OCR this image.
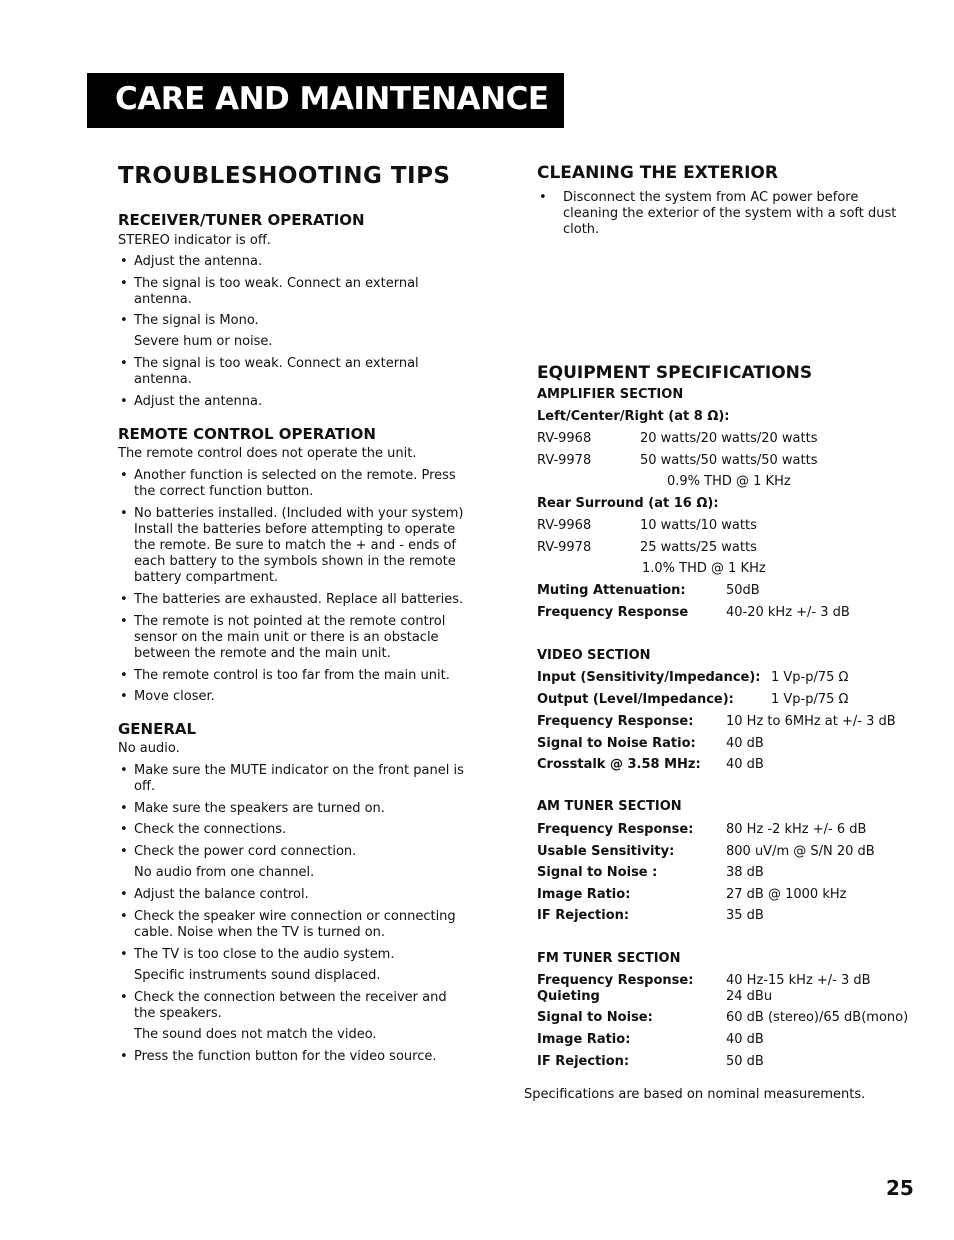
CARE AND MAINTENANCE
TROUBLESHOOTING TIPS
RECEIVER/TUNER OPERATION

STEREO indicator is off.

• Adjust the antenna.
• The signal is too weak. Connect an external antenna.
• The signal is Mono.

Severe hum or noise.

• The signal is too weak. Connect an external antenna.
• Adjust the antenna.
REMOTE CONTROL OPERATION

The remote control does not operate the unit.

• Another function is selected on the remote. Press the correct function button.
• No batteries installed. (Included with your system) Install the batteries before attempting to operate the remote. Be sure to match the + and - ends of each battery to the symbols shown in the remote battery compartment.
• The batteries are exhausted. Replace all batteries.
• The remote is not pointed at the remote control sensor on the main unit or there is an obstacle between the remote and the main unit.
• The remote control is too far from the main unit.
• Move closer.
GENERAL

No audio.

• Make sure the MUTE indicator on the front panel is off.
• Make sure the speakers are turned on.
• Check the connections.
• Check the power cord connection.

No audio from one channel.

• Adjust the balance control.
• Check the speaker wire connection or connecting cable. Noise when the TV is turned on.
• The TV is too close to the audio system.

Specific instruments sound displaced.

• Check the connection between the receiver and the speakers.

The sound does not match the video.

• Press the function button for the video source.
CLEANING THE EXTERIOR
• Disconnect the system from AC power before cleaning the exterior of the system with a soft dust cloth.
EQUIPMENT SPECIFICATIONS
AMPLIFIER SECTION
Left/Center/Right (at 8 Ω):
RV-9968	20 watts/20 watts/20 watts
RV-9978	50 watts/50 watts/50 watts
0.9% THD @ 1 KHz
Rear Surround (at 16 Ω):
RV-9968	10 watts/10 watts
RV-9978	25 watts/25 watts
1.0% THD @ 1 KHz
Muting Attenuation:	50dB
Frequency Response	40-20 kHz +/- 3 dB
VIDEO SECTION
Input (Sensitivity/Impedance): 1 Vp-p/75 Ω
Output (Level/Impedance):	1 Vp-p/75 Ω
Frequency Response:	10 Hz to 6MHz at +/- 3 dB
Signal to Noise Ratio: 40 dB
Crosstalk @ 3.58 MHz: 40 dB
AM TUNER SECTION
Frequency Response:	80 Hz -2 kHz +/- 6 dB
Usable Sensitivity:	800 uV/m @ S/N 20 dB
Signal to Noise :	38 dB
Image Ratio:	27 dB @ 1000 kHz
IF Rejection:	35 dB
FM TUNER SECTION
Frequency Response:	40 Hz-15 kHz +/- 3 dB
Quieting	24 dBu
Signal to Noise:	60 dB (stereo)/65 dB(mono)
Image Ratio:	40 dB
IF Rejection:	50 dB
Specifications are based on nominal measurements.
25
